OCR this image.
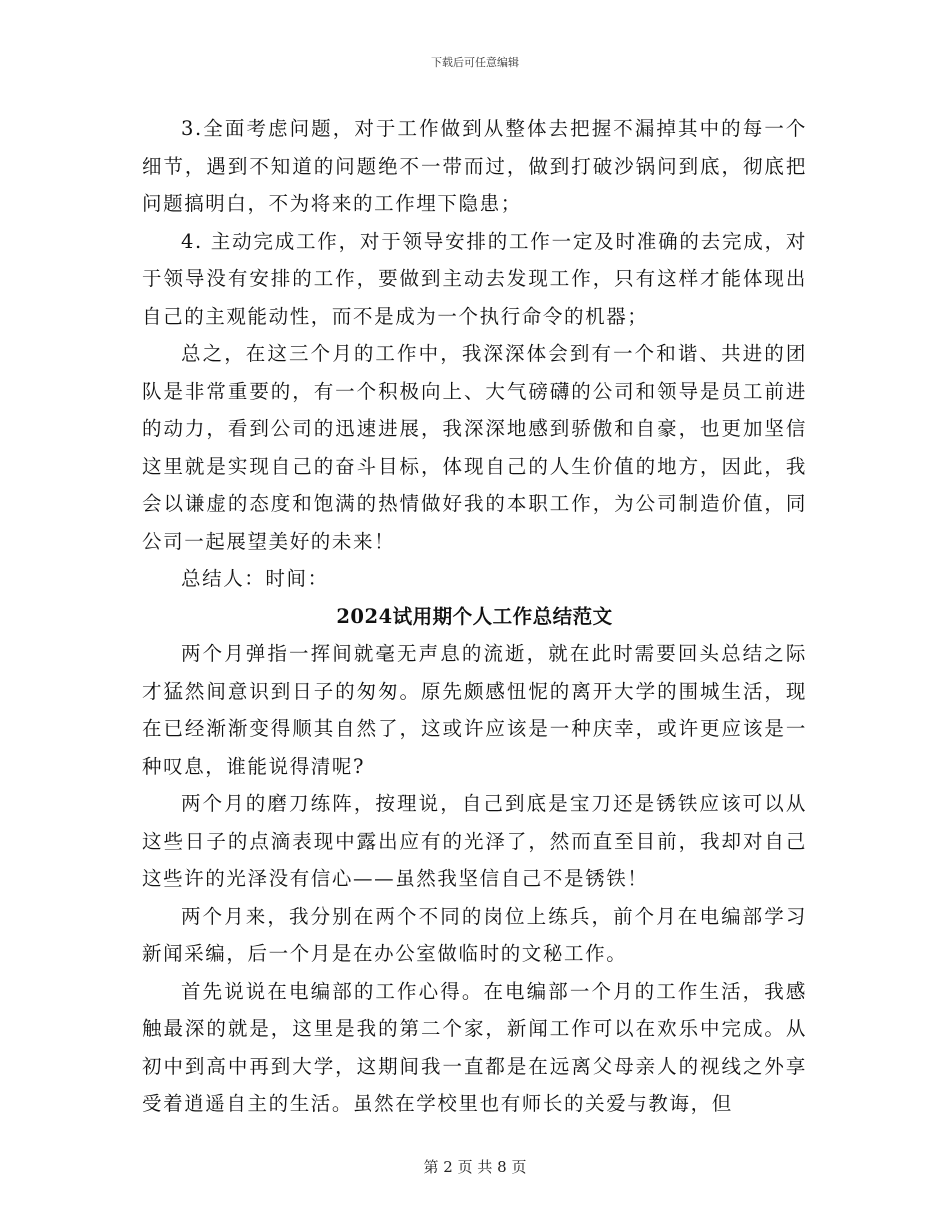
下载后可任意编辑

3.全面考虑问题，对于工作做到从整体去把握不漏掉其中的每一个细节，遇到不知道的问题绝不一带而过，做到打破沙锅问到底，彻底把问题搞明白，不为将来的工作埋下隐患；

4. 主动完成工作，对于领导安排的工作一定及时准确的去完成，对于领导没有安排的工作，要做到主动去发现工作，只有这样才能体现出自己的主观能动性，而不是成为一个执行命令的机器；

总之，在这三个月的工作中，我深深体会到有一个和谐、共进的团队是非常重要的，有一个积极向上、大气磅礴的公司和领导是员工前进的动力，看到公司的迅速进展，我深深地感到骄傲和自豪，也更加坚信这里就是实现自己的奋斗目标，体现自己的人生价值的地方，因此，我会以谦虚的态度和饱满的热情做好我的本职工作，为公司制造价值，同公司一起展望美好的未来！

总结人：时间：

2024试用期个人工作总结范文

两个月弹指一挥间就毫无声息的流逝，就在此时需要回头总结之际才猛然间意识到日子的匆匆。原先颇感忸怩的离开大学的围城生活，现在已经渐渐变得顺其自然了，这或许应该是一种庆幸，或许更应该是一种叹息，谁能说得清呢?

两个月的磨刀练阵，按理说，自己到底是宝刀还是锈铁应该可以从这些日子的点滴表现中露出应有的光泽了，然而直至目前，我却对自己这些许的光泽没有信心——虽然我坚信自己不是锈铁！

两个月来，我分别在两个不同的岗位上练兵，前个月在电编部学习新闻采编，后一个月是在办公室做临时的文秘工作。

首先说说在电编部的工作心得。在电编部一个月的工作生活，我感触最深的就是，这里是我的第二个家，新闻工作可以在欢乐中完成。从初中到高中再到大学，这期间我一直都是在远离父母亲人的视线之外享受着逍遥自主的生活。虽然在学校里也有师长的关爱与教诲，但

第 2 页 共 8 页
